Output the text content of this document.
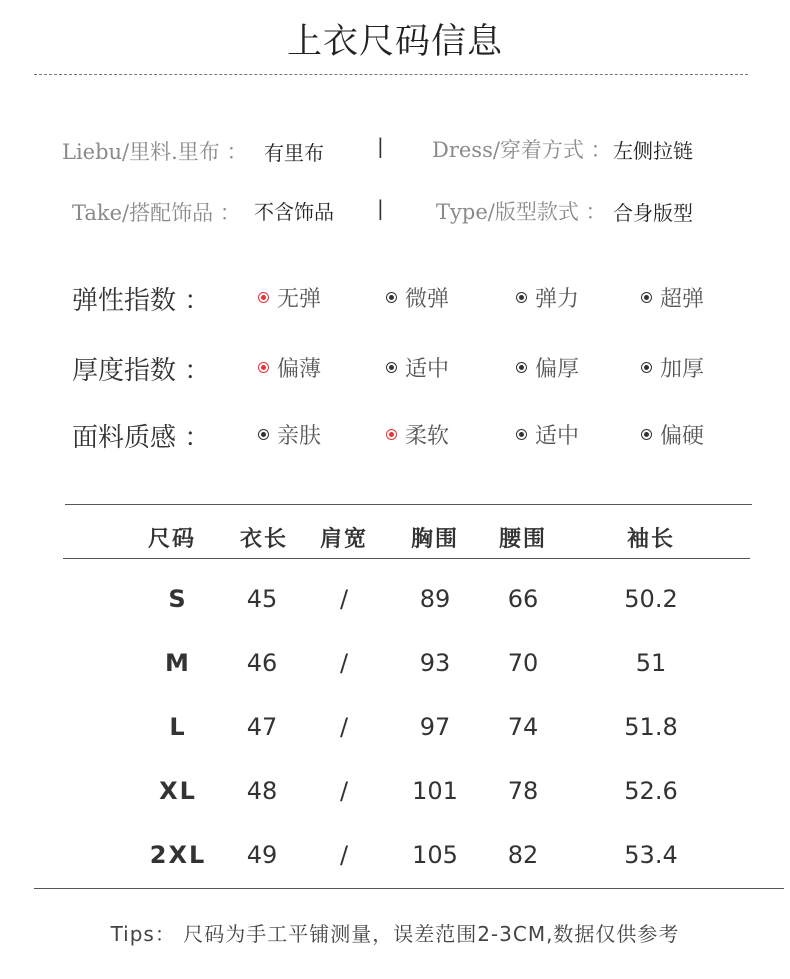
上衣尺码信息
Liebu/里料.里布 ： 有里布	| Dress/穿着方式 ： 左侧拉链
Take/搭配饰品 ： 不含饰品 | Type/版型款式 ： 合身版型
弹性指数 ：	无弹	微弹	弹力	超弹
厚度指数 ：	偏薄	适中	偏厚	加厚
面料质感 ：	亲肤	柔软	适中	偏硬
尺码	衣长	肩宽	胸围	腰围	袖长
S	45	/	89	66	50.2
M	46	/	93	70	51
L	47	/	97	74	51.8
XL	48	/	101	78	52.6
2XL	49	/	105	82	53.4
Tips： 尺码为手工平铺测量，误差范围2-3CM,数据仅供参考
